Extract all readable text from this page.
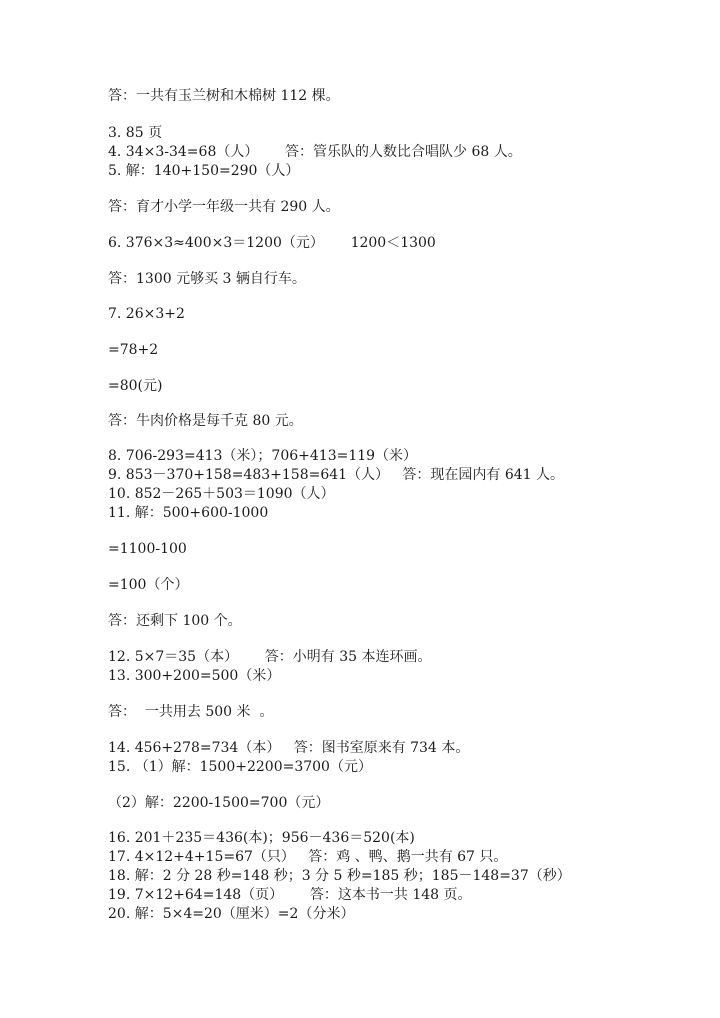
答：一共有玉兰树和木棉树 112 棵。
3. 85 页
4. 34×3-34=68（人）      答：管乐队的人数比合唱队少 68 人。
5. 解：140+150=290（人）
答：育才小学一年级一共有 290 人。
6. 376×3≈400×3＝1200（元）      1200＜1300
答：1300 元够买 3 辆自行车。
7. 26×3+2
=78+2
=80(元)
答：牛肉价格是每千克 80 元。
8. 706-293=413（米）；706+413=119（米）
9. 853－370+158=483+158=641（人）   答：现在园内有 641 人。
10. 852－265＋503＝1090（人）
11. 解：500+600-1000
=1100-100
=100（个）
答：还剩下 100 个。
12. 5×7＝35（本）      答：小明有 35 本连环画。
13. 300+200=500（米）
答：  一共用去 500 米  。
14. 456+278=734（本）   答：图书室原来有 734 本。
15. （1）解：1500+2200=3700（元）
（2）解：2200-1500=700（元）
16. 201＋235＝436(本)；956－436＝520(本)
17. 4×12+4+15=67（只）   答：鸡 、鸭、鹅一共有 67 只。
18. 解：2 分 28 秒=148 秒；3 分 5 秒=185 秒；185－148=37（秒）
19. 7×12+64=148（页）      答：这本书一共 148 页。
20. 解：5×4=20（厘米）=2（分米）
